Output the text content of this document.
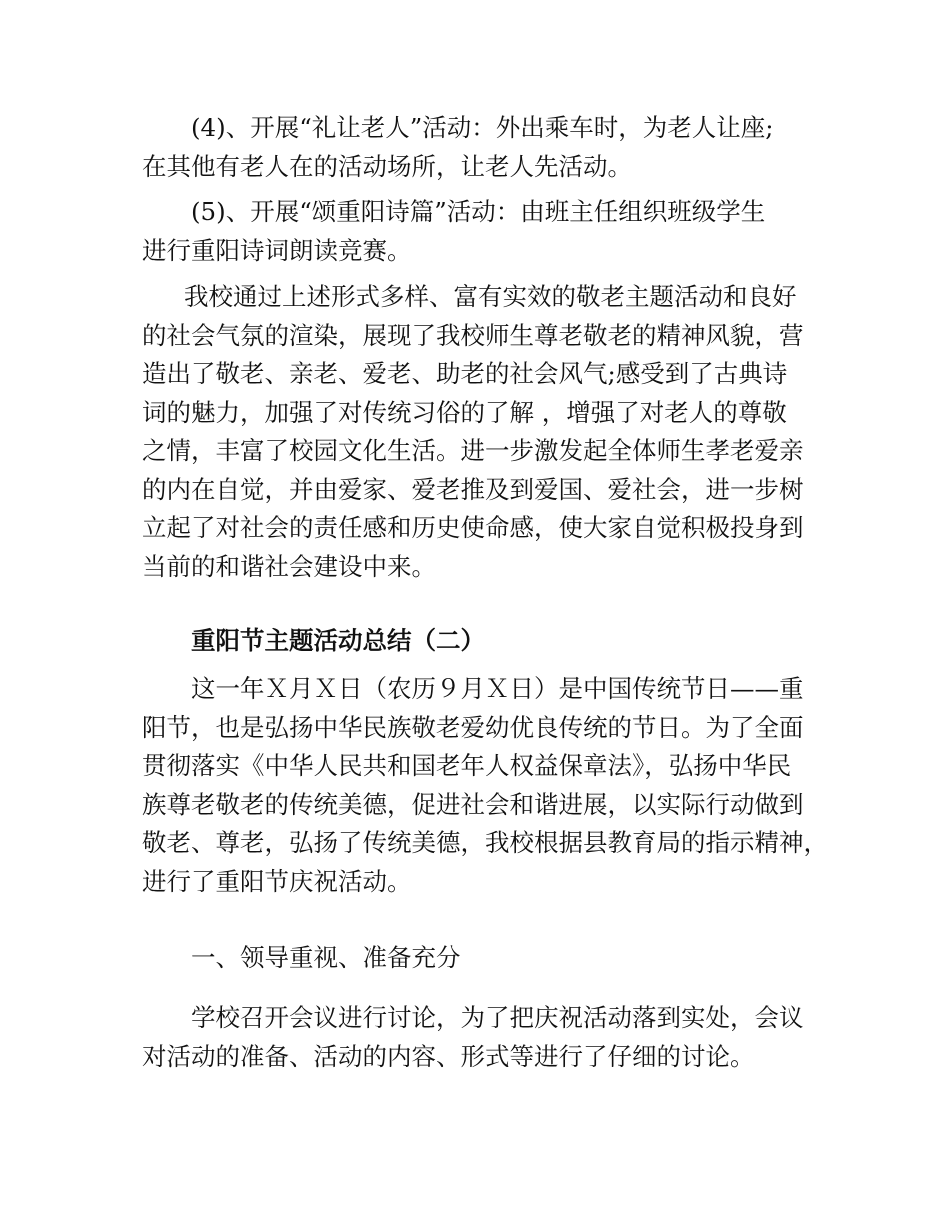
(4)、开展“礼让老人”活动：外出乘车时，为老人让座;
在其他有老人在的活动场所，让老人先活动。
(5)、开展“颂重阳诗篇”活动：由班主任组织班级学生
进行重阳诗词朗读竞赛。
我校通过上述形式多样、富有实效的敬老主题活动和良好
的社会气氛的渲染，展现了我校师生尊老敬老的精神风貌，营
造出了敬老、亲老、爱老、助老的社会风气;感受到了古典诗
词的魅力，加强了对传统习俗的了解 ，增强了对老人的尊敬
之情，丰富了校园文化生活。进一步激发起全体师生孝老爱亲
的内在自觉，并由爱家、爱老推及到爱国、爱社会，进一步树
立起了对社会的责任感和历史使命感，使大家自觉积极投身到
当前的和谐社会建设中来。
重阳节主题活动总结（二）
这一年Ｘ月Ｘ日（农历９月Ｘ日）是中国传统节日——重
阳节，也是弘扬中华民族敬老爱幼优良传统的节日。为了全面
贯彻落实《中华人民共和国老年人权益保章法》，弘扬中华民
族尊老敬老的传统美德，促进社会和谐进展，以实际行动做到
敬老、尊老，弘扬了传统美德，我校根据县教育局的指示精神，
进行了重阳节庆祝活动。
一、领导重视、准备充分
学校召开会议进行讨论，为了把庆祝活动落到实处，会议
对活动的准备、活动的内容、形式等进行了仔细的讨论。
